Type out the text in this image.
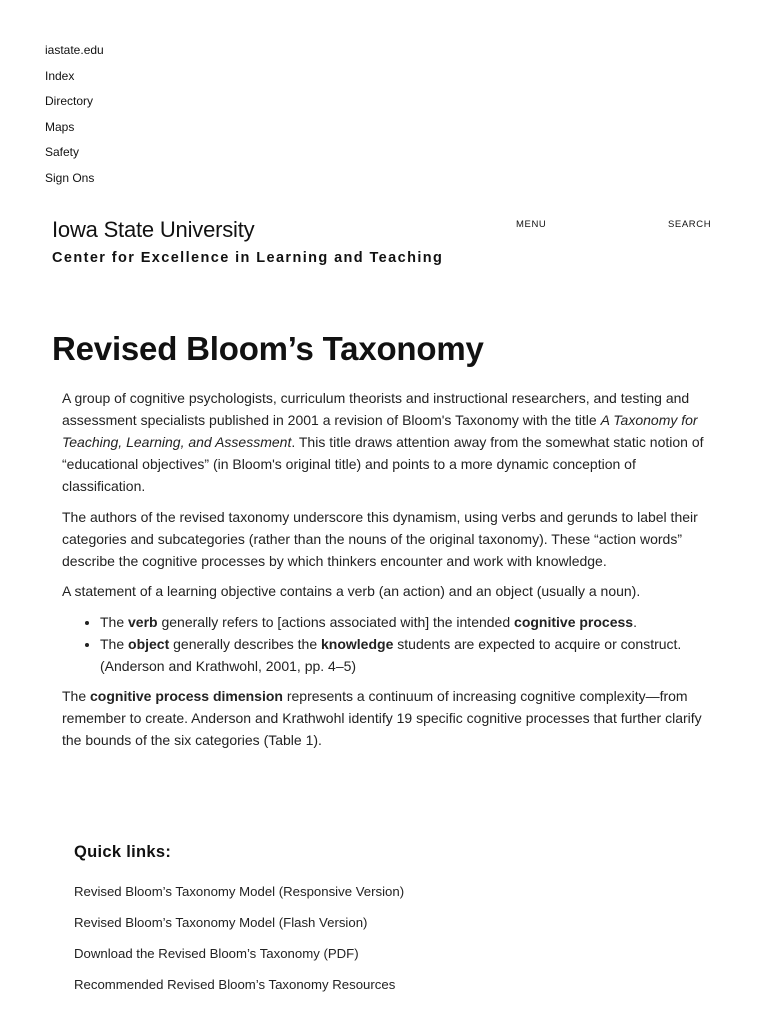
iastate.edu
Index
Directory
Maps
Safety
Sign Ons
Iowa State University
Center for Excellence in Learning and Teaching
MENU	SEARCH
Revised Bloom’s Taxonomy

A group of cognitive psychologists, curriculum theorists and instructional researchers, and testing and assessment specialists published in 2001 a revision of Bloom's Taxonomy with the title A Taxonomy for Teaching, Learning, and Assessment. This title draws attention away from the somewhat static notion of “educational objectives” (in Bloom's original title) and points to a more dynamic conception of classification.

The authors of the revised taxonomy underscore this dynamism, using verbs and gerunds to label their categories and subcategories (rather than the nouns of the original taxonomy). These “action words” describe the cognitive processes by which thinkers encounter and work with knowledge.

A statement of a learning objective contains a verb (an action) and an object (usually a noun).

• The verb generally refers to [actions associated with] the intended cognitive process.
• The object generally describes the knowledge students are expected to acquire or construct. (Anderson and Krathwohl, 2001, pp. 4–5)

The cognitive process dimension represents a continuum of increasing cognitive complexity—from remember to create. Anderson and Krathwohl identify 19 specific cognitive processes that further clarify the bounds of the six categories (Table 1).

Quick links:
Revised Bloom’s Taxonomy Model (Responsive Version)
Revised Bloom’s Taxonomy Model (Flash Version)
Download the Revised Bloom’s Taxonomy (PDF)
Recommended Revised Bloom’s Taxonomy Resources
